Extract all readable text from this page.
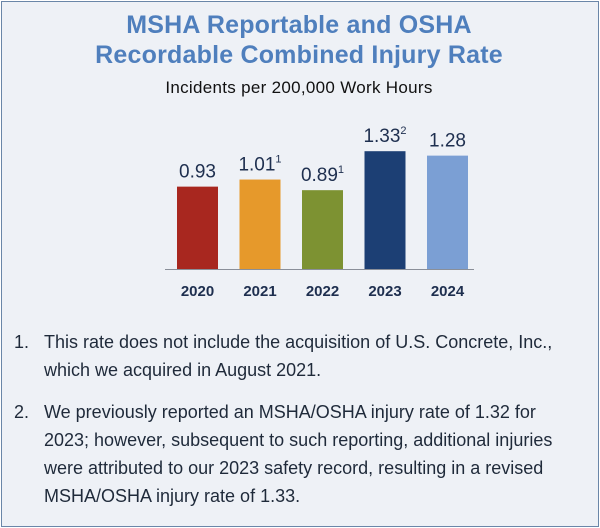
MSHA Reportable and OSHA
Recordable Combined Injury Rate
Incidents per 200,000 Work Hours
0.93 1.01$^1$
0.89$^1$
1.33$^2$ 1.28
2020 2021 2022 2023 2024
1. This rate does not include the acquisition of U.S. Concrete, Inc., which we acquired in August 2021.
2. We previously reported an MSHA/OSHA injury rate of 1.32 for 2023; however, subsequent to such reporting, additional injuries were attributed to our 2023 safety record, resulting in a revised MSHA/OSHA injury rate of 1.33.
